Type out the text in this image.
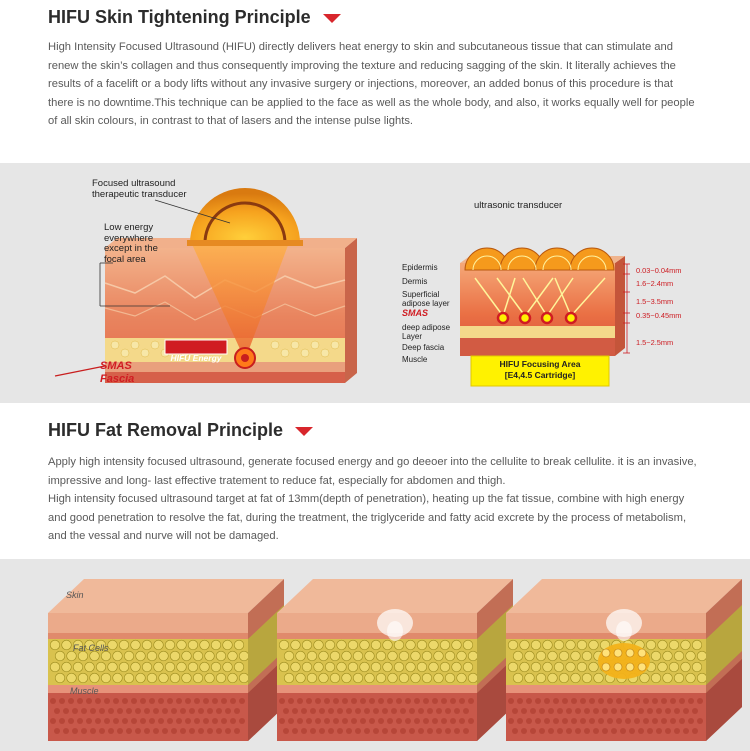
HIFU Skin Tightening Principle

High Intensity Focused Ultrasound (HIFU) directly delivers heat energy to skin and subcutaneous tissue that can stimulate and renew the skin’s collagen and thus consequently improving the texture and reducing sagging of the skin. It literally achieves the results of a facelift or a body lifts without any invasive surgery or injections, moreover, an added bonus of this procedure is that there is no downtime.This technique can be applied to the face as well as the whole body, and also, it works equally well for people of all skin colours, in contrast to that of lasers and the intense pulse lights.

Focused ultrasound therapeutic transducer
Low energy everywhere except in the focal area
HIFU Energy
SMAS
Fascia
ultrasonic transducer
Epidermis
Dermis
Superficial adipose layer
SMAS
deep adipose Layer
Deep fascia
Muscle
0.03~0.04mm
1.6~2.4mm
1.5~3.5mm
0.35~0.45mm
1.5~2.5mm
HIFU Focusing Area
[E4,4.5 Cartridge]
HIFU Fat Removal Principle

Apply high intensity focused ultrasound, generate focused energy and go deeoer into the cellulite to break cellulite. it is an invasive, impressive and long- last effective tratement to reduce fat, especially for abdomen and thigh.

High intensity focused ultrasound target at fat of 13mm(depth of penetration), heating up the fat tissue, combine with high energy and good penetration to resolve the fat, during the treatment, the triglyceride and fatty acid excrete by the process of metabolism, and the vessal and nurve will not be damaged.

Skin
Fat Cells
Muscle
